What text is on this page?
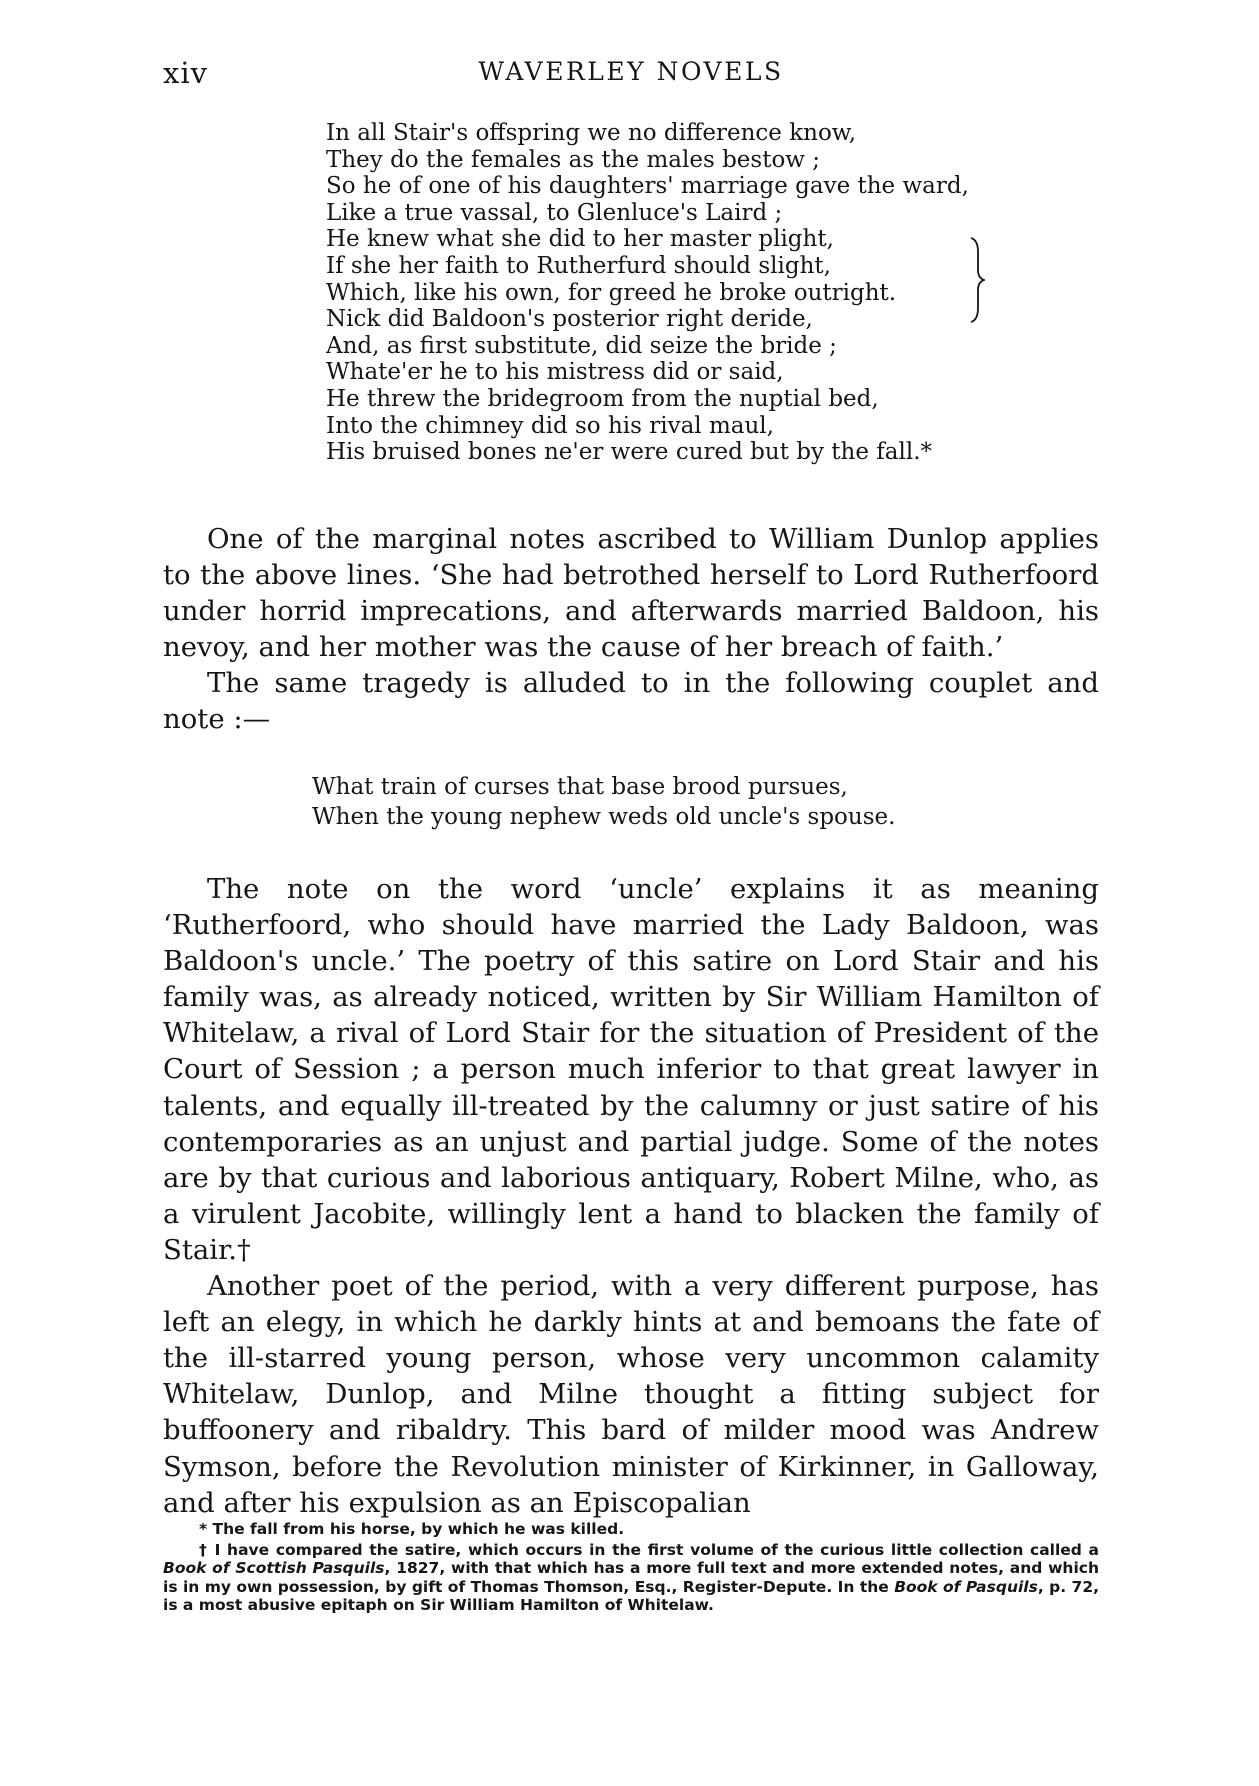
xiv	WAVERLEY NOVELS
In all Stair's offspring we no difference know,
They do the females as the males bestow ;
So he of one of his daughters' marriage gave the ward,
Like a true vassal, to Glenluce's Laird ;
He knew what she did to her master plight,
If she her faith to Rutherfurd should slight,
Which, like his own, for greed he broke outright.
Nick did Baldoon's posterior right deride,
And, as first substitute, did seize the bride ;
Whate'er he to his mistress did or said,
He threw the bridegroom from the nuptial bed,
Into the chimney did so his rival maul,
His bruised bones ne'er were cured but by the fall.*

One of the marginal notes ascribed to William Dunlop applies to the above lines. ‘She had betrothed herself to Lord Rutherfoord under horrid imprecations, and afterwards married Baldoon, his nevoy, and her mother was the cause of her breach of faith.’

The same tragedy is alluded to in the following couplet and note :—

What train of curses that base brood pursues,
When the young nephew weds old uncle's spouse.

The note on the word ‘uncle’ explains it as meaning ‘Rutherfoord, who should have married the Lady Baldoon, was Baldoon's uncle.’ The poetry of this satire on Lord Stair and his family was, as already noticed, written by Sir William Hamilton of Whitelaw, a rival of Lord Stair for the situation of President of the Court of Session ; a person much inferior to that great lawyer in talents, and equally ill-treated by the calumny or just satire of his contemporaries as an unjust and partial judge. Some of the notes are by that curious and laborious antiquary, Robert Milne, who, as a virulent Jacobite, willingly lent a hand to blacken the family of Stair.†

Another poet of the period, with a very different purpose, has left an elegy, in which he darkly hints at and bemoans the fate of the ill-starred young person, whose very uncommon calamity Whitelaw, Dunlop, and Milne thought a fitting subject for buffoonery and ribaldry. This bard of milder mood was Andrew Symson, before the Revolution minister of Kirkinner, in Galloway, and after his expulsion as an Episcopalian

* The fall from his horse, by which he was killed.

† I have compared the satire, which occurs in the first volume of the curious little collection called a Book of Scottish Pasquils, 1827, with that which has a more full text and more extended notes, and which is in my own possession, by gift of Thomas Thomson, Esq., Register-Depute. In the Book of Pasquils, p. 72, is a most abusive epitaph on Sir William Hamilton of Whitelaw.
